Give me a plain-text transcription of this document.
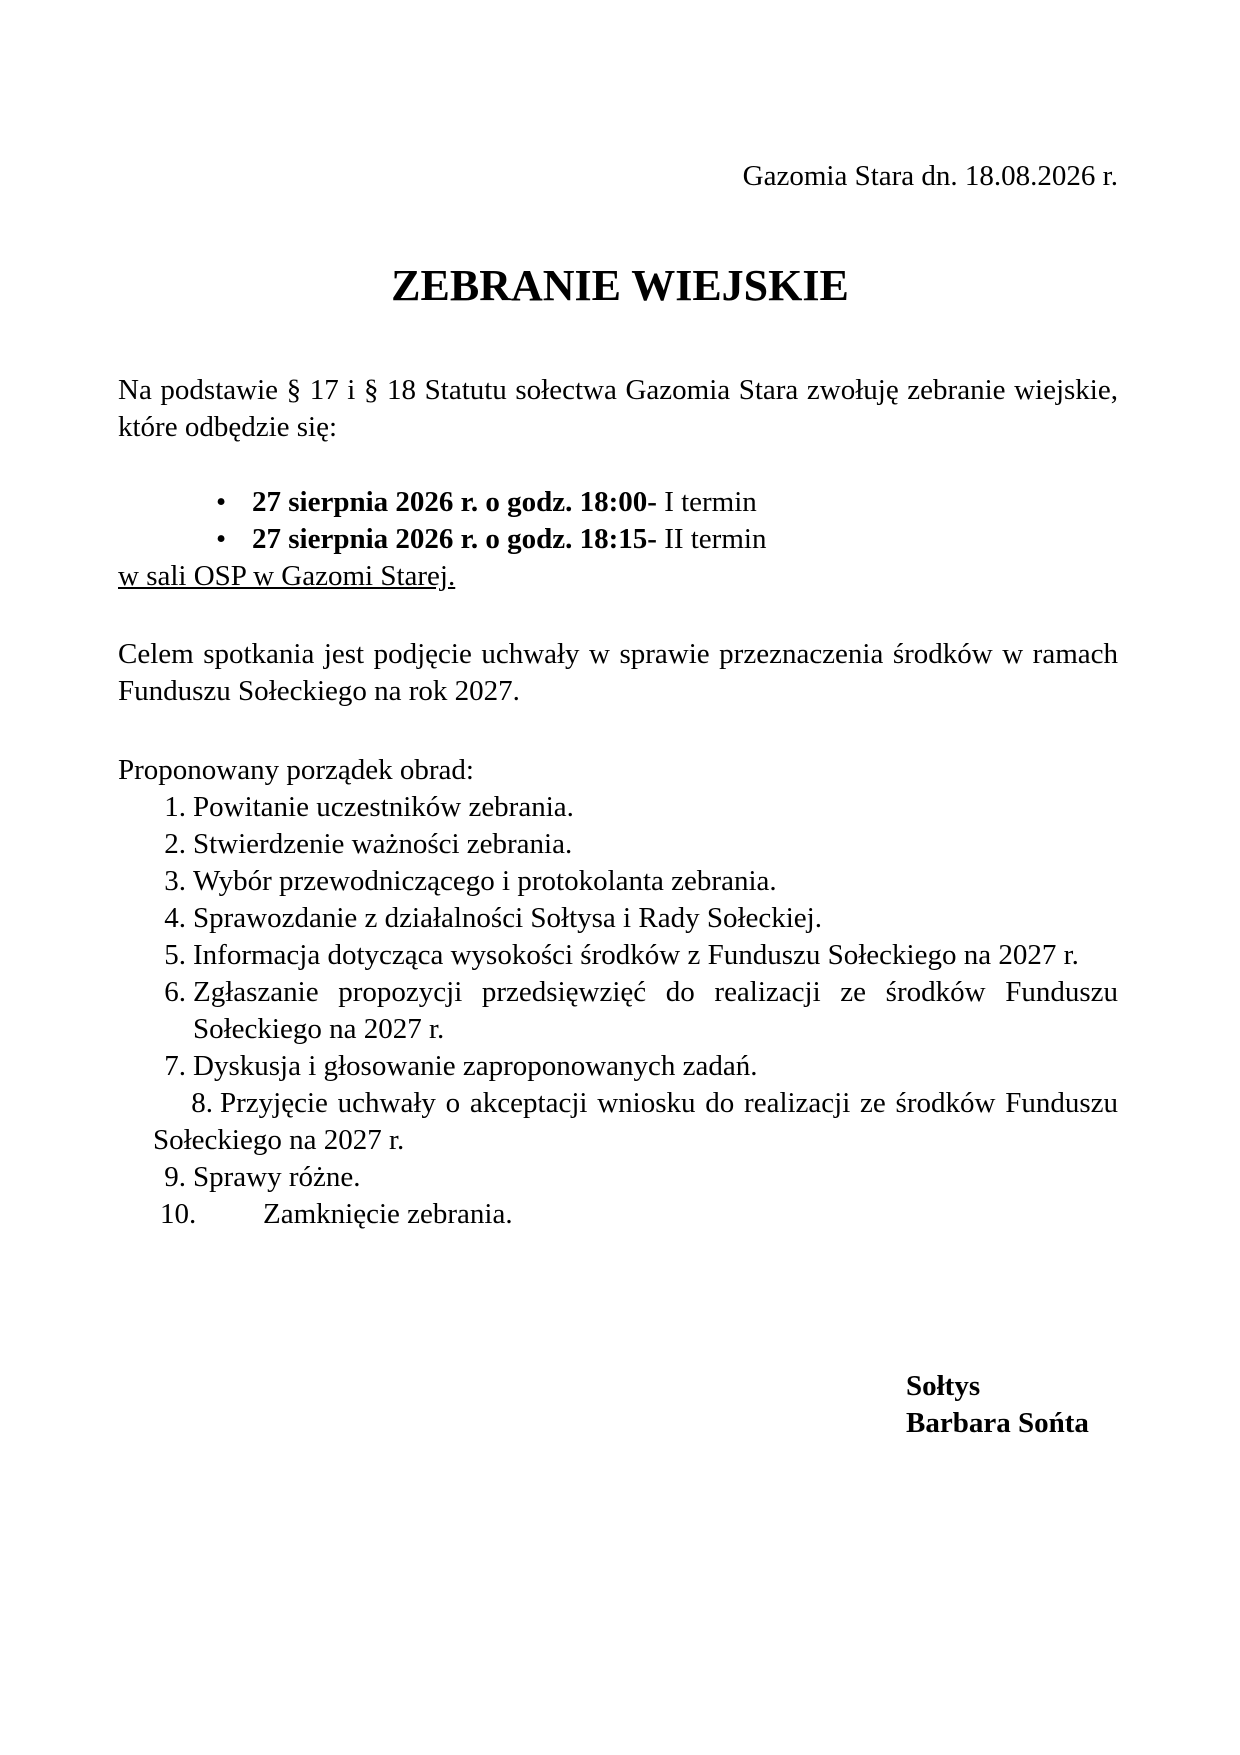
Gazomia Stara dn. 18.08.2026 r.
ZEBRANIE WIEJSKIE

Na podstawie § 17 i § 18 Statutu sołectwa Gazomia Stara zwołuję zebranie wiejskie, które odbędzie się:

• 27 sierpnia 2026 r. o godz. 18:00- I termin
• 27 sierpnia 2026 r. o godz. 18:15- II termin

w sali OSP w Gazomi Starej.

Celem spotkania jest podjęcie uchwały w sprawie przeznaczenia środków w ramach Funduszu Sołeckiego na rok 2027.

Proponowany porządek obrad:

1. Powitanie uczestników zebrania.
2. Stwierdzenie ważności zebrania.
3. Wybór przewodniczącego i protokolanta zebrania.
4. Sprawozdanie z działalności Sołtysa i Rady Sołeckiej.
5. Informacja dotycząca wysokości środków z Funduszu Sołeckiego na 2027 r.
6. Zgłaszanie propozycji przedsięwzięć do realizacji ze środków Funduszu Sołeckiego na 2027 r.
7. Dyskusja i głosowanie zaproponowanych zadań.
8. Przyjęcie uchwały o akceptacji wniosku do realizacji ze środków Funduszu Sołeckiego na 2027 r.
9. Sprawy różne.
10.	Zamknięcie zebrania.
Sołtys
Barbara Sońta
